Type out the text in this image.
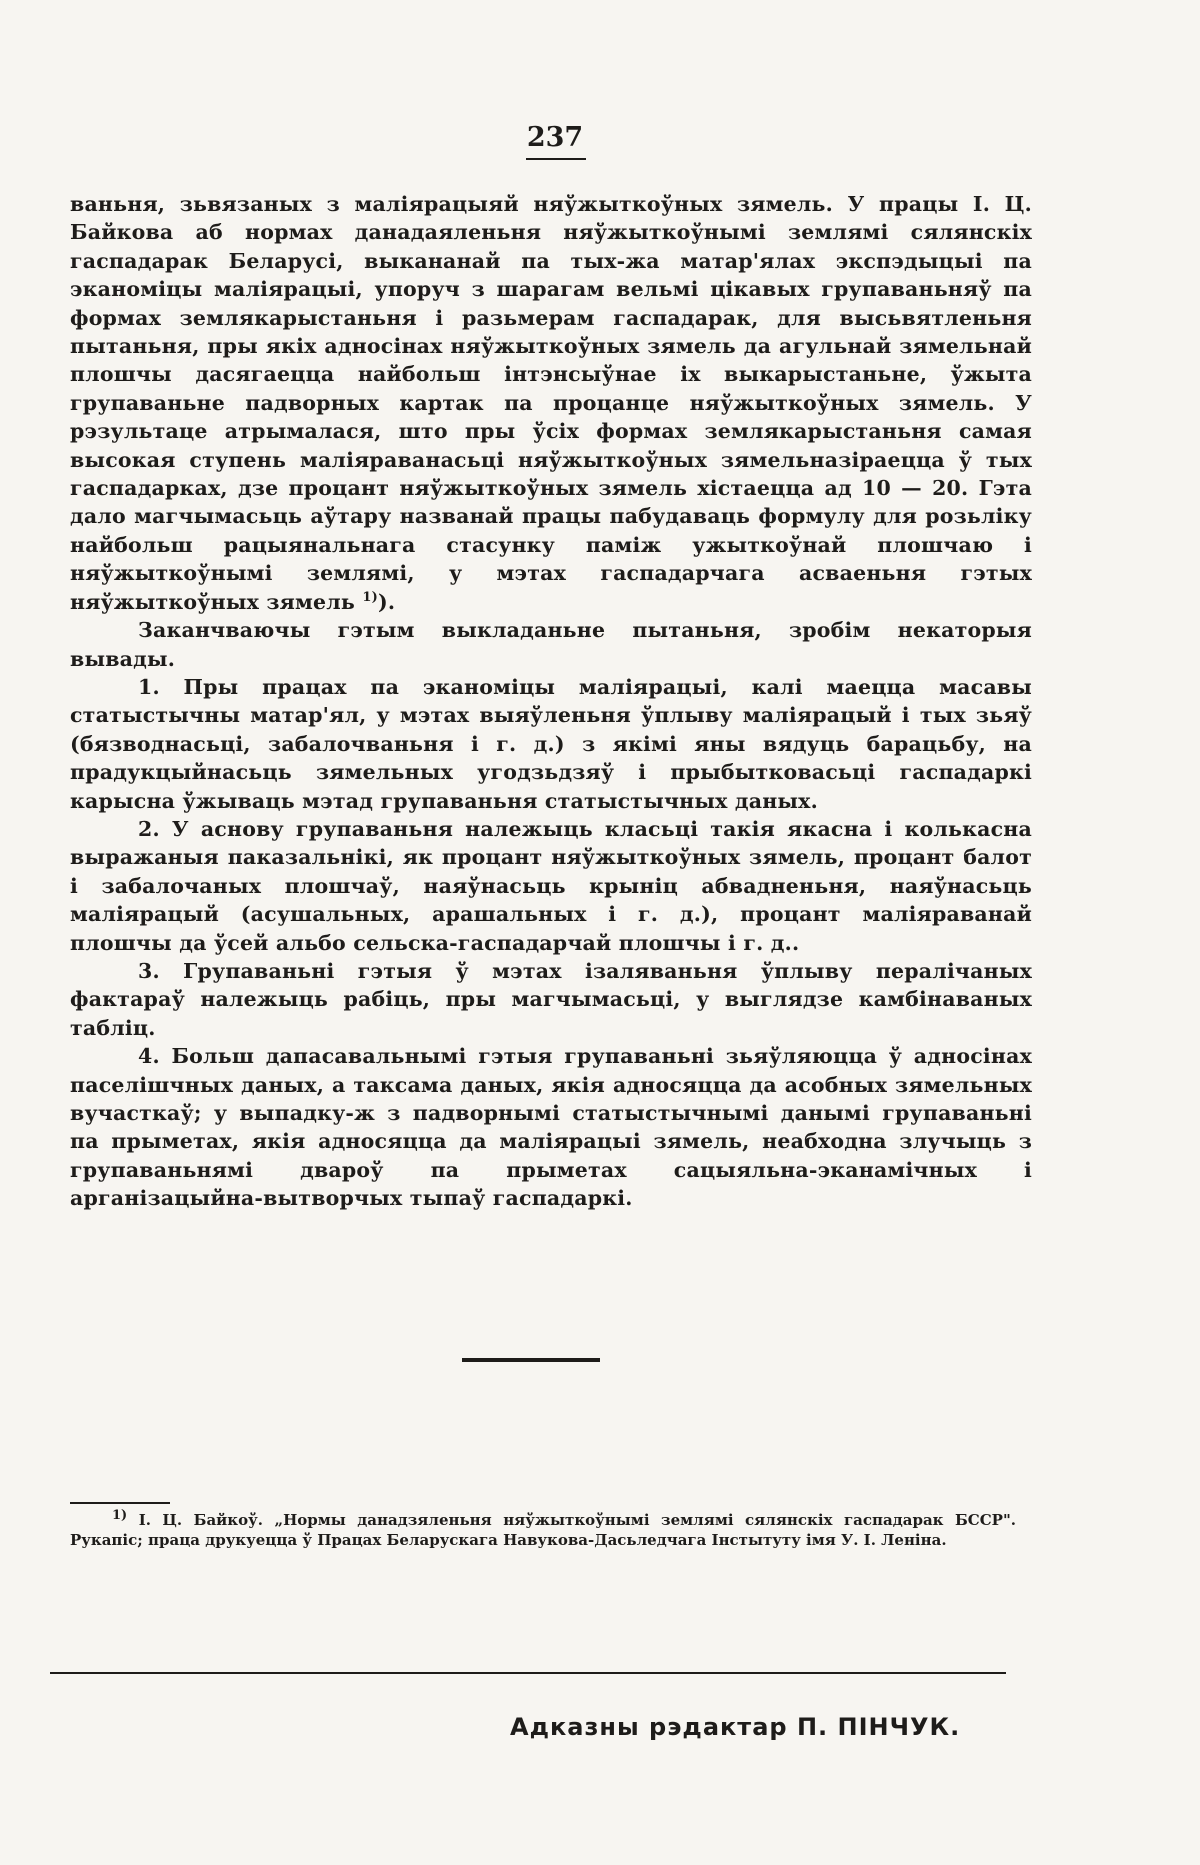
237

ваньня, зьвязаных з маліярацыяй няўжыткоўных зямель. У працы І. Ц. Байкова аб нормах данадаяленьня няўжыткоўнымі землямі сялянскіх гаспадарак Беларусі, выкананай па тых-жа матар'ялах экспэдыцыі па эканоміцы маліярацыі, упоруч з шарагам вельмі цікавых групаваньняў па формах землякарыстаньня і разьмерам гаспадарак, для высьвятленьня пытаньня, пры якіх адносінах няўжыткоўных зямель да агульнай зямельнай плошчы дасягаецца найбольш інтэнсыўнае іх выкарыстаньне, ўжыта групаваньне падворных картак па процанце няўжыткоўных зямель. У рэзультаце атрымалася, што пры ўсіх формах землякарыстаньня самая высокая ступень маліяраванасьці няўжыткоўных зямельназіраецца ў тых гаспадарках, дзе процант няўжыткоўных зямель хістаецца ад 10 — 20. Гэта дало магчымасьць аўтару названай працы пабудаваць формулу для розьліку найбольш рацыянальнага стасунку паміж ужыткоўнай плошчаю і няўжыткоўнымі землямі, у мэтах гаспадарчага асваеньня гэтых няўжыткоўных зямель $^{1)}$).

Заканчваючы гэтым выкладаньне пытаньня, зробім некаторыя вывады.

1. Пры працах па эканоміцы маліярацыі, калі маецца масавы статыстычны матар'ял, у мэтах выяўленьня ўплыву маліярацый і тых зьяў (бязводнасьці, забалочваньня і г. д.) з якімі яны вядуць барацьбу, на прадукцыйнасьць зямельных угодзьдзяў і прыбытковасьці гаспадаркі карысна ўжываць мэтад групаваньня статыстычных даных.

2. У аснову групаваньня належыць класьці такія якасна і колькасна выражаныя паказальнікі, як процант няўжыткоўных зямель, процант балот і забалочаных плошчаў, наяўнасьць крыніц абваднeньня, наяўнасьць маліярацый (асушальных, арашальных і г. д.), процант маліяраванай плошчы да ўсей альбо сельска-гаспадарчай плошчы і г. д..

3. Групаваньні гэтыя ў мэтах ізаляваньня ўплыву пералічаных фактараў належыць рабіць, пры магчымасьці, у выглядзе камбінаваных табліц.

4. Больш дапасавальнымі гэтыя групаваньні зьяўляюцца ў адносінах паселішчных даных, а таксама даных, якія адносяцца да асобных зямельных вучасткаў; у выпадку-ж з падворнымі статыстычнымі данымі групаваньні па прыметах, якія адносяцца да маліярацыі зямель, неабходна злучыць з групаваньнямі двароў па прыметах сацыяльна-эканамічных і арганізацыйна-вытворчых тыпаў гаспадаркі.

1) І. Ц. Байкоў. „Нормы данадзяленьня няўжыткоўнымі землямі сялянскіх гаспадарак БССР". Рукапіс; праца друкуецца ў Працах Беларускага Навукова-Дасьледчага Інстытуту імя У. І. Леніна.

Адказны рэдактар П. ПІНЧУК.
